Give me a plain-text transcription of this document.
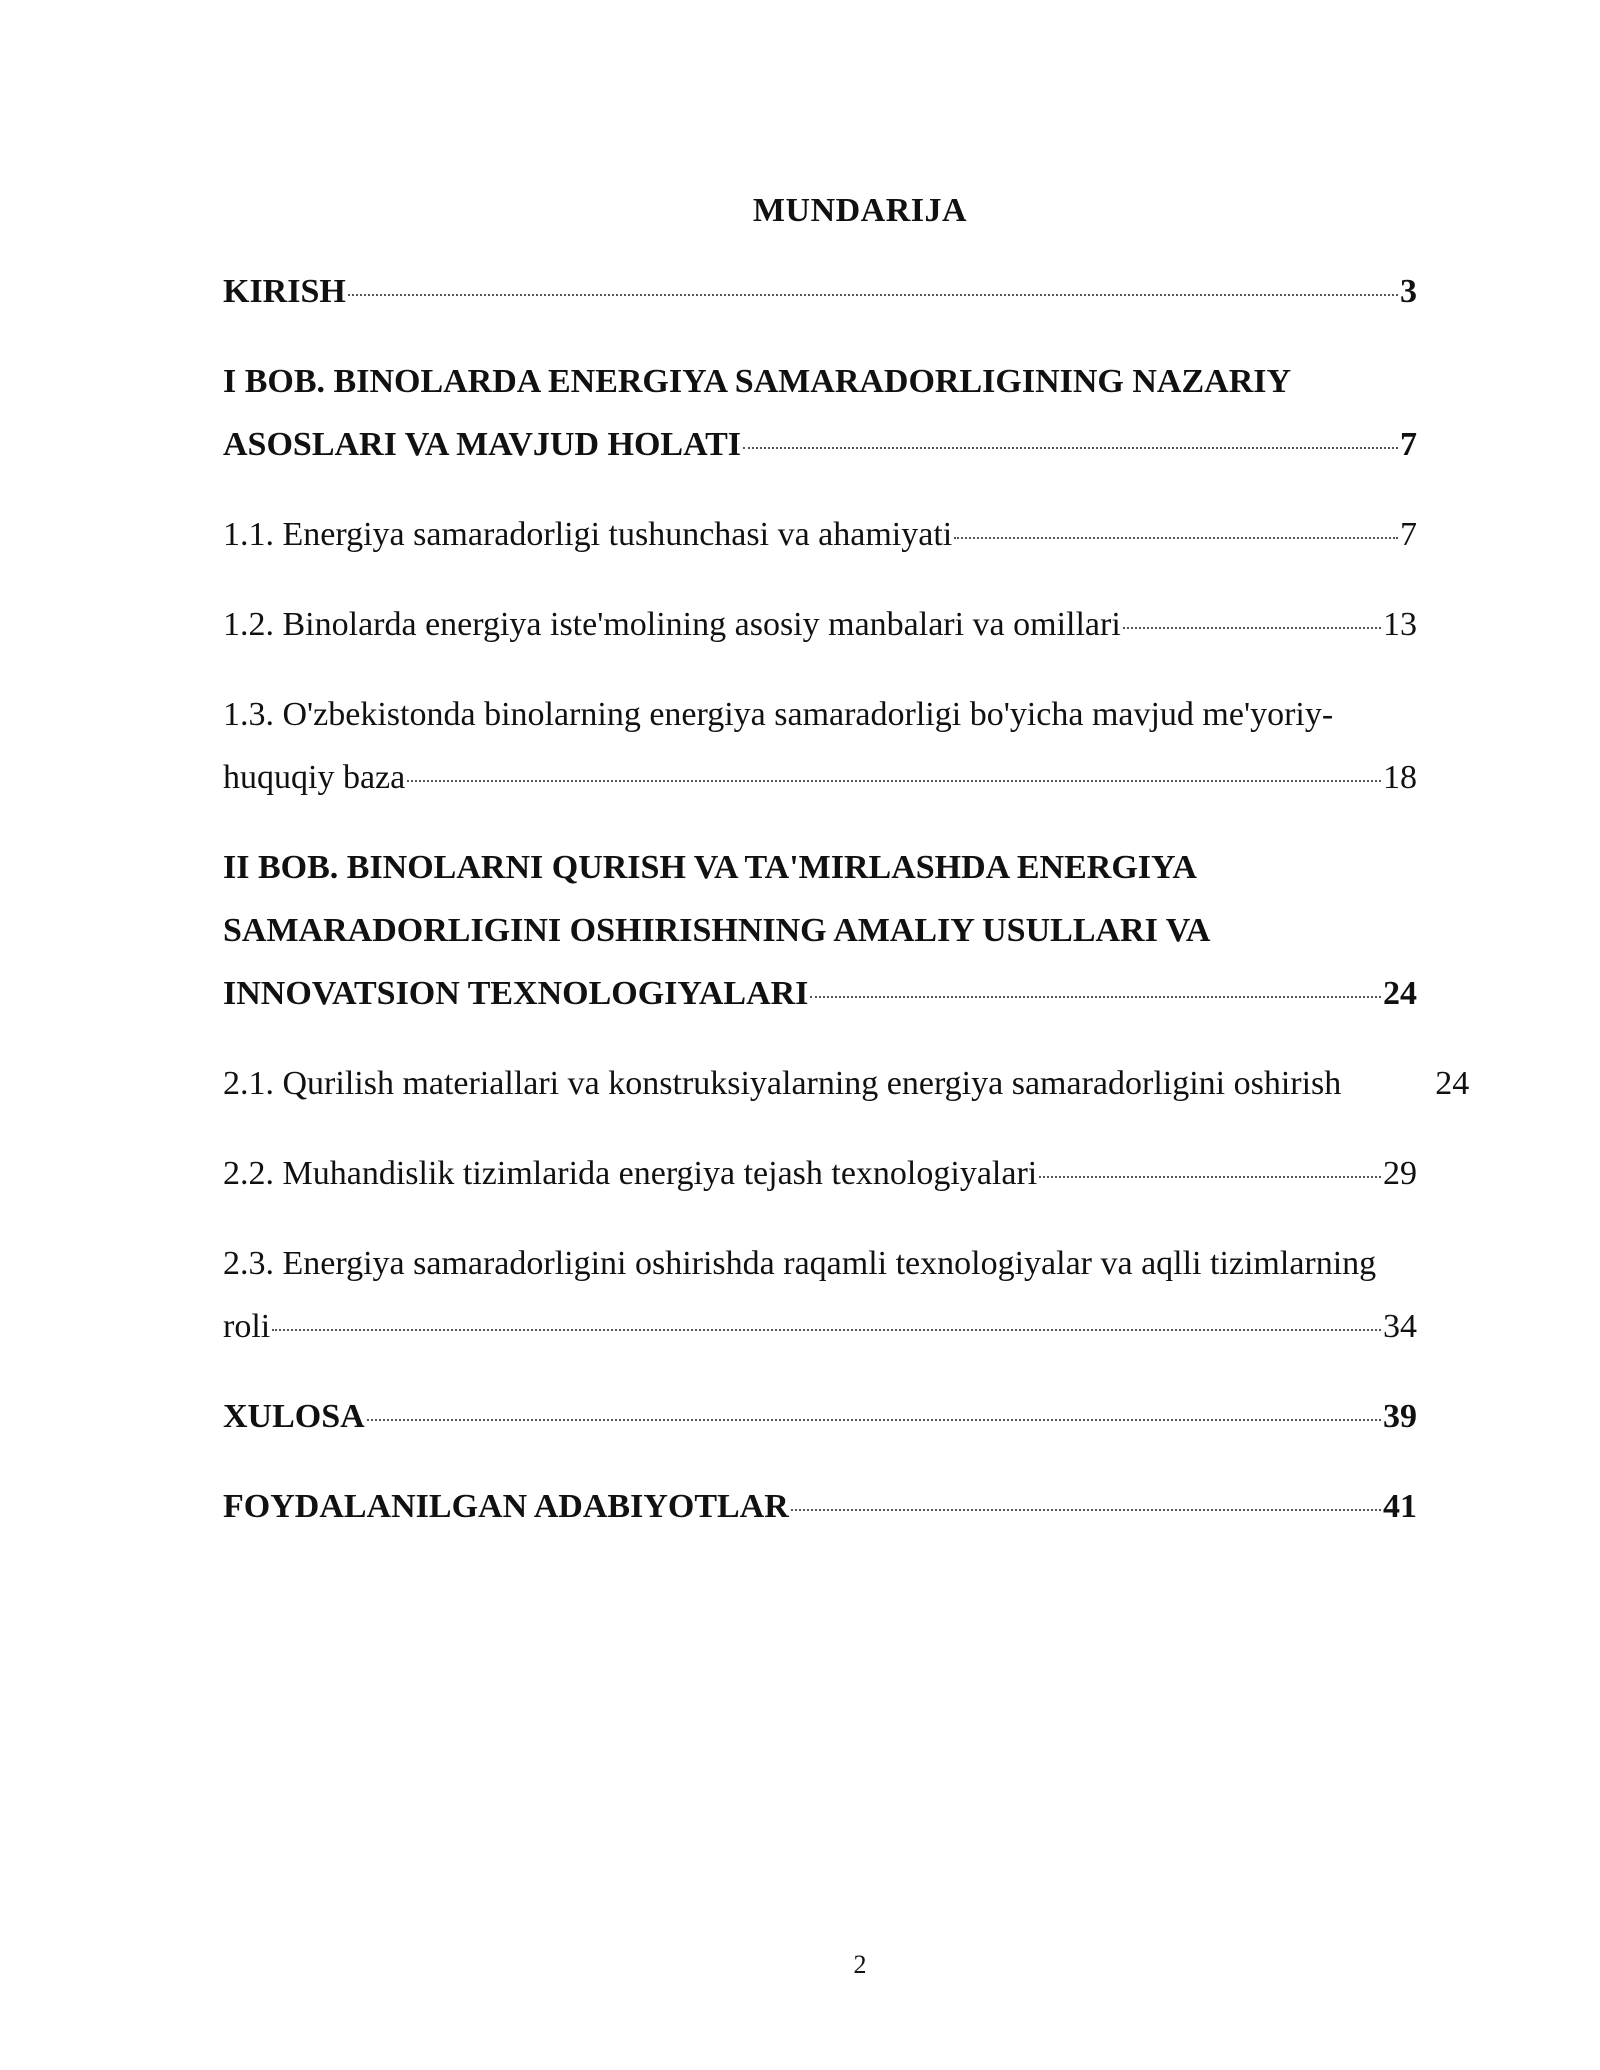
MUNDARIJA
KIRISH	3
I BOB. BINOLARDA ENERGIYA SAMARADORLIGINING NAZARIY
ASOSLARI VA MAVJUD HOLATI	7
1.1. Energiya samaradorligi tushunchasi va ahamiyati	7
1.2. Binolarda energiya iste'molining asosiy manbalari va omillari	13
1.3. O'zbekistonda binolarning energiya samaradorligi bo'yicha mavjud me'yoriy-
huquqiy baza	18
II BOB. BINOLARNI QURISH VA TA'MIRLASHDA ENERGIYA
SAMARADORLIGINI OSHIRISHNING AMALIY USULLARI VA
INNOVATSION TEXNOLOGIYALARI	24
2.1. Qurilish materiallari va konstruksiyalarning energiya samaradorligini oshirish	24
2.2. Muhandislik tizimlarida energiya tejash texnologiyalari	29
2.3. Energiya samaradorligini oshirishda raqamli texnologiyalar va aqlli tizimlarning
roli	34
XULOSA	39
FOYDALANILGAN ADABIYOTLAR	41
2
